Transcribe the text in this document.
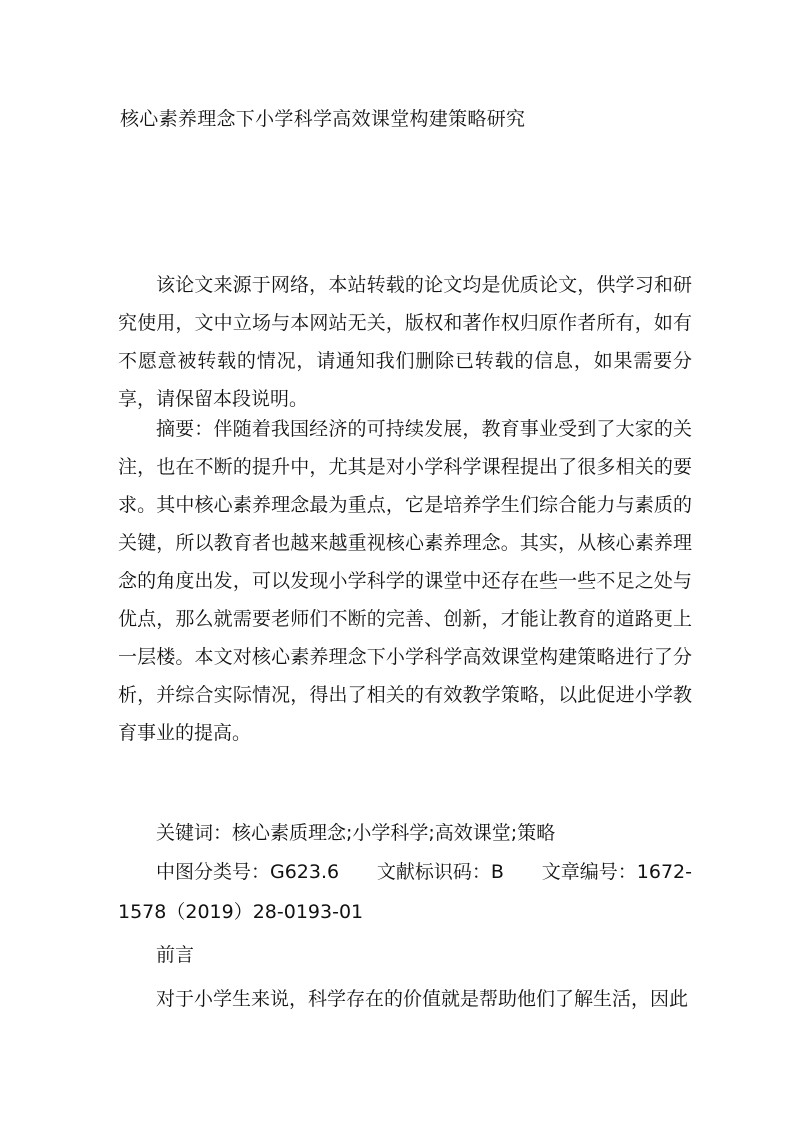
核心素养理念下小学科学高效课堂构建策略研究

该论文来源于网络，本站转载的论文均是优质论文，供学习和研究使用，文中立场与本网站无关，版权和著作权归原作者所有，如有不愿意被转载的情况，请通知我们删除已转载的信息，如果需要分享，请保留本段说明。

摘要：伴随着我国经济的可持续发展，教育事业受到了大家的关注，也在不断的提升中，尤其是对小学科学课程提出了很多相关的要求。其中核心素养理念最为重点，它是培养学生们综合能力与素质的关键，所以教育者也越来越重视核心素养理念。其实，从核心素养理念的角度出发，可以发现小学科学的课堂中还存在些一些不足之处与优点，那么就需要老师们不断的完善、创新，才能让教育的道路更上一层楼。本文对核心素养理念下小学科学高效课堂构建策略进行了分析，并综合实际情况，得出了相关的有效教学策略，以此促进小学教育事业的提高。

关键词：核心素质理念;小学科学;高效课堂;策略
中图分类号：G623.6 文献标识码：B 文章编号：1672-
1578（2019）28-0193-01
前言

对于小学生来说，科学存在的价值就是帮助他们了解生活，因此
